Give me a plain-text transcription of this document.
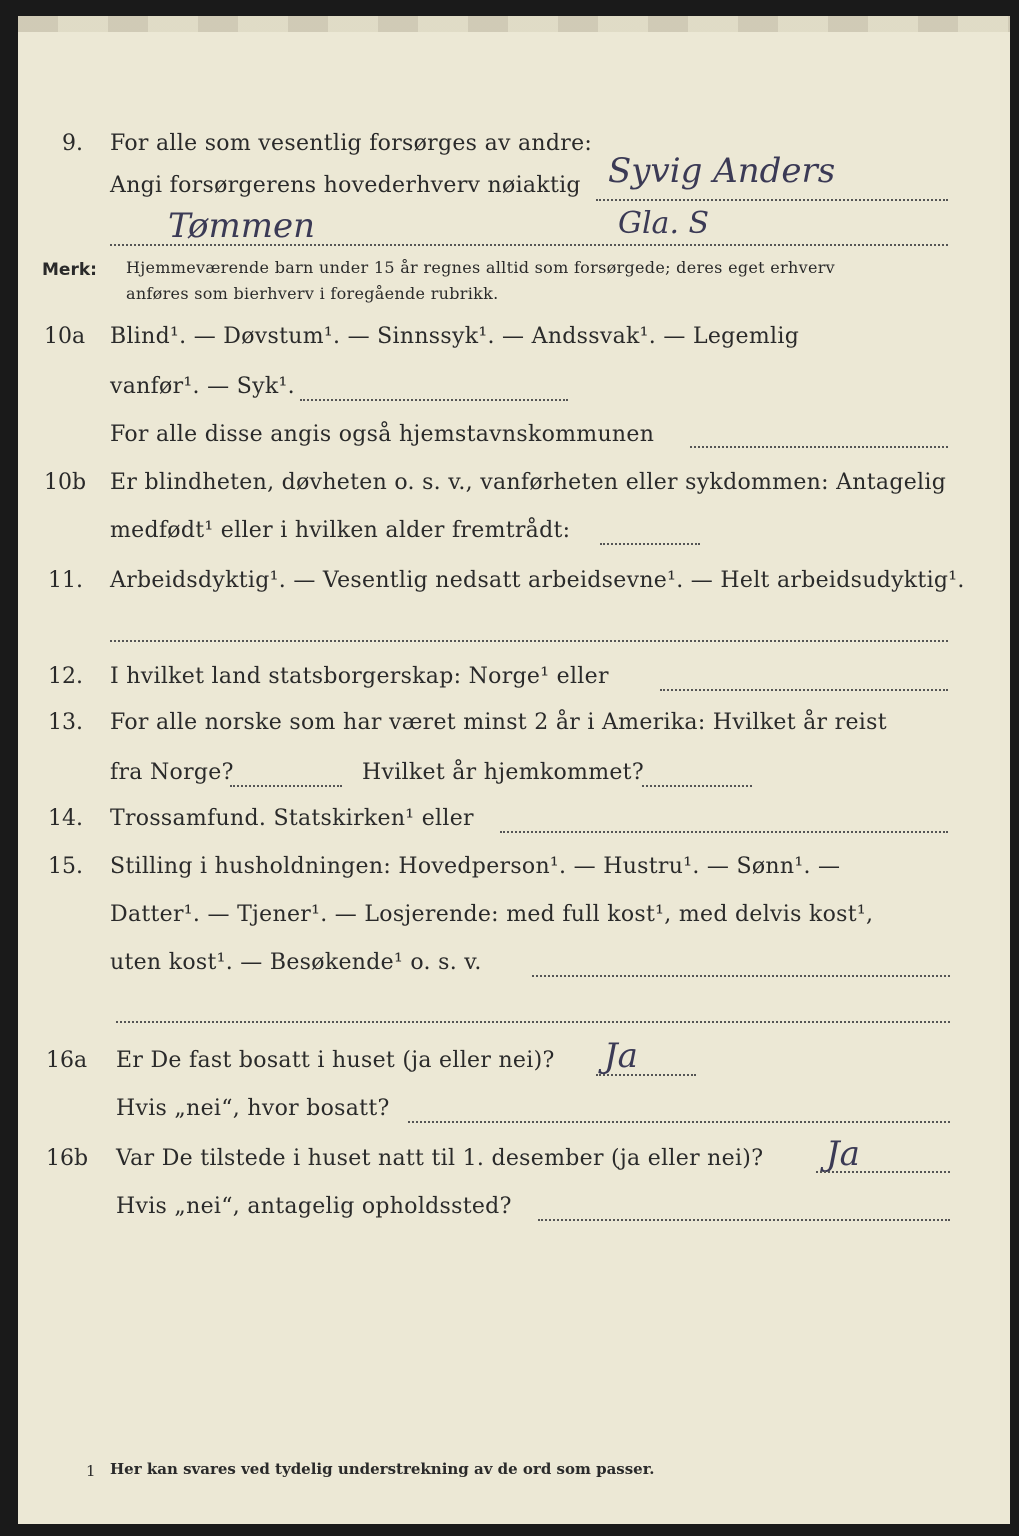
9. For alle som vesentlig forsørges av andre:
Angi forsørgerens hovederhverv nøiaktig Syvig Anders
Tømmen	Gla. S
Merk: Hjemmeværende barn under 15 år regnes alltid som forsørgede; deres eget erhverv
anføres som bierhverv i foregående rubrikk.
10a Blind¹. — Døvstum¹. — Sinnssyk¹. — Andssvak¹. — Legemlig
vanfør¹. — Syk¹.
For alle disse angis også hjemstavnskommunen
10b Er blindheten, døvheten o. s. v., vanførheten eller sykdommen: Antagelig
medfødt¹ eller i hvilken alder fremtrådt:
11. Arbeidsdyktig¹. — Vesentlig nedsatt arbeidsevne¹. — Helt arbeidsudyktig¹.
12. I hvilket land statsborgerskap: Norge¹ eller
13. For alle norske som har været minst 2 år i Amerika: Hvilket år reist
fra Norge?	Hvilket år hjemkommet?
14. Trossamfund. Statskirken¹ eller
15. Stilling i husholdningen: Hovedperson¹. — Hustru¹. — Sønn¹. —
Datter¹. — Tjener¹. — Losjerende: med full kost¹, med delvis kost¹,
uten kost¹. — Besøkende¹ o. s. v.
16a Er De fast bosatt i huset (ja eller nei)? Ja
Hvis „nei“, hvor bosatt?
16b Var De tilstede i huset natt til 1. desember (ja eller nei)? Ja
Hvis „nei“, antagelig opholdssted?
1 Her kan svares ved tydelig understrekning av de ord som passer.
